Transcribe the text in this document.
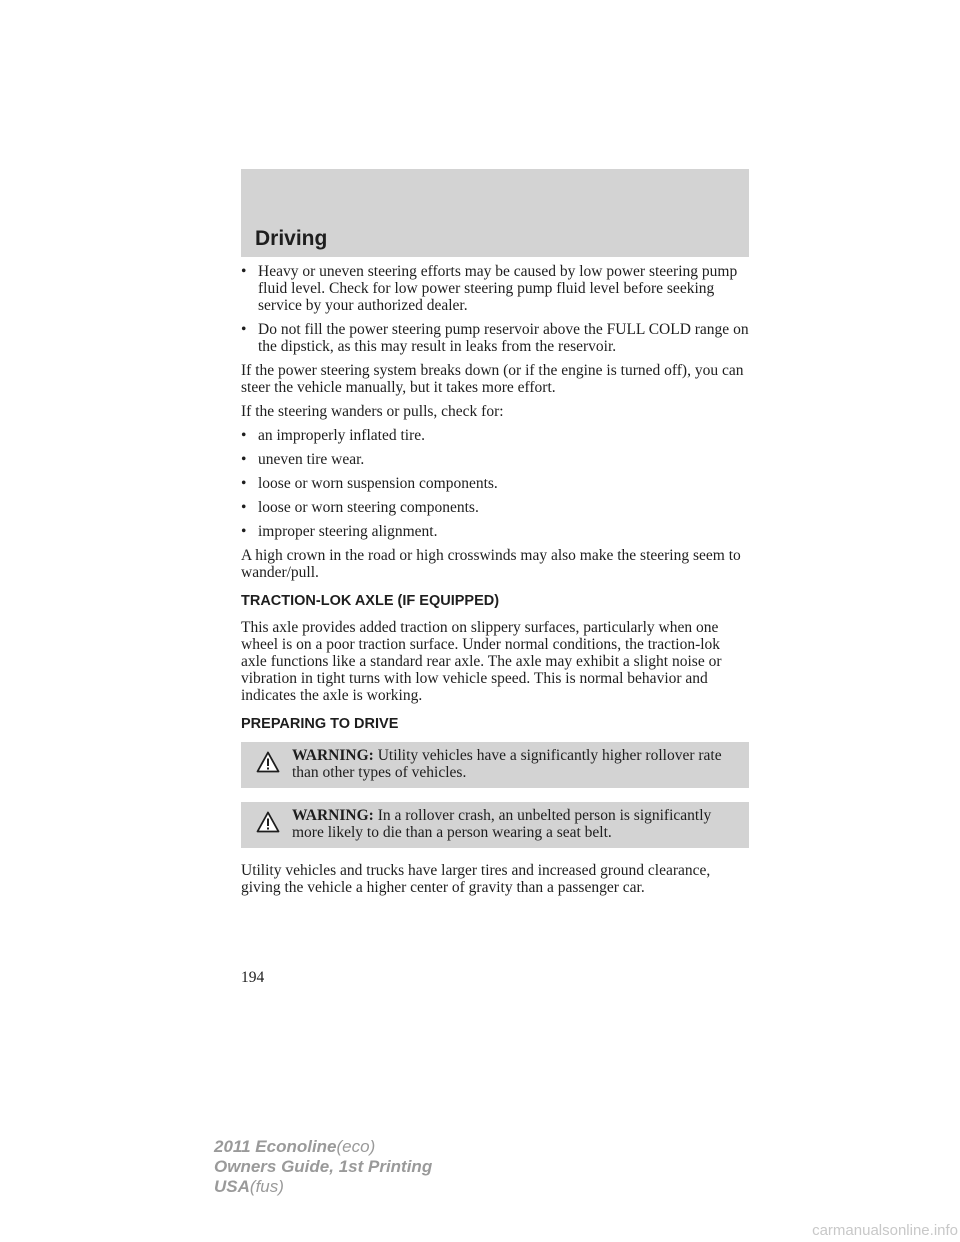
Driving
• Heavy or uneven steering efforts may be caused by low power steering pump fluid level. Check for low power steering pump fluid level before seeking service by your authorized dealer.
• Do not fill the power steering pump reservoir above the FULL COLD range on the dipstick, as this may result in leaks from the reservoir.
If the power steering system breaks down (or if the engine is turned off), you can steer the vehicle manually, but it takes more effort.
If the steering wanders or pulls, check for:
• an improperly inflated tire.
• uneven tire wear.
• loose or worn suspension components.
• loose or worn steering components.
• improper steering alignment.
A high crown in the road or high crosswinds may also make the steering seem to wander/pull.
TRACTION-LOK AXLE (IF EQUIPPED)
This axle provides added traction on slippery surfaces, particularly when one wheel is on a poor traction surface. Under normal conditions, the traction-lok axle functions like a standard rear axle. The axle may exhibit a slight noise or vibration in tight turns with low vehicle speed. This is normal behavior and indicates the axle is working.
PREPARING TO DRIVE
WARNING: Utility vehicles have a significantly higher rollover rate than other types of vehicles.
WARNING: In a rollover crash, an unbelted person is significantly more likely to die than a person wearing a seat belt.
Utility vehicles and trucks have larger tires and increased ground clearance, giving the vehicle a higher center of gravity than a passenger car.
194
2011 Econoline(eco)
Owners Guide, 1st Printing
USA(fus)
carmanualsonline.info
